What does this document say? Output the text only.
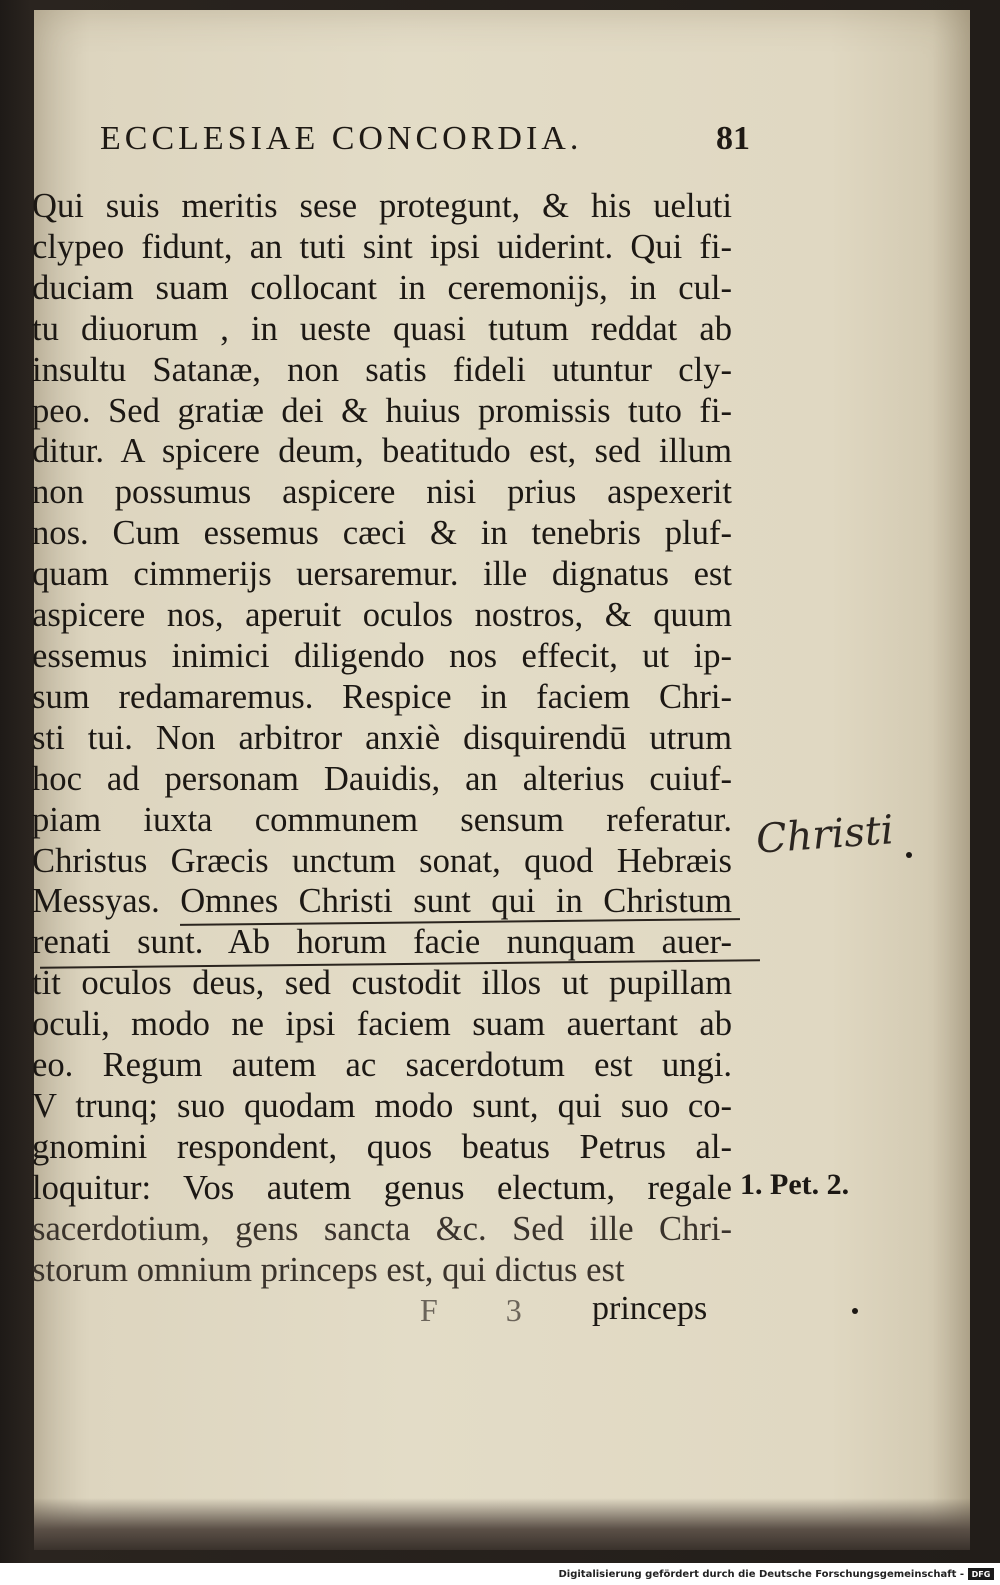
ECCLESIAE CONCORDIA.	81
Qui suis meritis sese protegunt, & his ueluti
clypeo fidunt, an tuti sint ipsi uiderint. Qui fi-
duciam suam collocant in ceremonijs, in cul-
tu diuorum , in ueste quasi tutum reddat ab
insultu Satanæ, non satis fideli utuntur cly-
peo. Sed gratiæ dei & huius promissis tuto fi-
ditur. A spicere deum, beatitudo est, sed illum
non possumus aspicere nisi prius aspexerit
nos. Cum essemus cæci & in tenebris pluf-
quam cimmerijs uersaremur. ille dignatus est
aspicere nos, aperuit oculos nostros, & quum
essemus inimici diligendo nos effecit, ut ip-
sum redamaremus. Respice in faciem Chri-
sti tui. Non arbitror anxiè disquirendū utrum
hoc ad personam Dauidis, an alterius cuiuf-
piam iuxta communem sensum referatur.
Christus Græcis unctum sonat, quod Hebræis
Messyas. Omnes Christi sunt qui in Christum
renati sunt. Ab horum facie nunquam auer-
tit oculos deus, sed custodit illos ut pupillam
oculi, modo ne ipsi faciem suam auertant ab
eo. Regum autem ac sacerdotum est ungi.
V trunq; suo quodam modo sunt, qui suo co-
gnomini respondent, quos beatus Petrus al-
loquitur: Vos autem genus electum, regale
sacerdotium, gens sancta &c. Sed ille Chri-
storum omnium princeps est, qui dictus est
Christi
1. Pet. 2.
F 3 princeps
Digitalisierung gefördert durch die Deutsche Forschungsgemeinschaft - DFG
